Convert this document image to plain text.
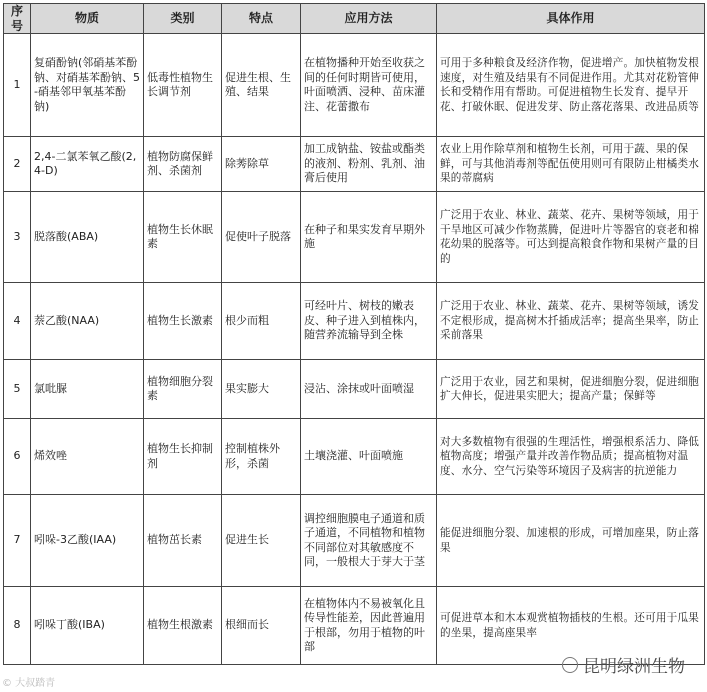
序号	物质	类别	特点	应用方法	具体作用
1	复硝酚钠(邻硝基苯酚钠、对硝基苯酚钠、5-硝基邻甲氧基苯酚钠)	低毒性植物生长调节剂	促进生根、生殖、结果	在植物播种开始至收获之间的任何时期皆可使用，叶面喷洒、浸种、苗床灌注、花蕾撒布	可用于多种粮食及经济作物，促进增产。加快植物发根速度，对生殖及结果有不同促进作用。尤其对花粉管伸长和受精作用有帮助。可促进植物生长发育、提早开花、打破休眠、促进发芽、防止落花落果、改进品质等
2	2,4-二氯苯氧乙酸(2,4-D)	植物防腐保鲜剂、杀菌剂	除莠除草	加工成钠盐、铵盐或酯类的液剂、粉剂、乳剂、油膏后使用	农业上用作除草剂和植物生长剂，可用于蔬、果的保鲜，可与其他消毒剂等配伍使用则可有限防止柑橘类水果的蒂腐病
3	脱落酸(ABA)	植物生长休眠素	促使叶子脱落	在种子和果实发育早期外施	广泛用于农业、林业、蔬菜、花卉、果树等领域，用于干旱地区可减少作物蒸腾，促进叶片等器官的衰老和棉花幼果的脱落等。可达到提高粮食作物和果树产量的目的
4	萘乙酸(NAA)	植物生长激素	根少而粗	可经叶片、树枝的嫩表皮、种子进入到植株内，随营养流输导到全株	广泛用于农业、林业、蔬菜、花卉、果树等领域，诱发不定根形成，提高树木扦插成活率；提高坐果率，防止采前落果
5	氯吡脲	植物细胞分裂素	果实膨大	浸沾、涂抹或叶面喷湿	广泛用于农业，园艺和果树，促进细胞分裂，促进细胞扩大伸长，促进果实肥大；提高产量；保鲜等
6	烯效唑	植物生长抑制剂	控制植株外形，杀菌	土壤浇灌、叶面喷施	对大多数植物有很强的生理活性，增强根系活力、降低植物高度；增强产量并改善作物品质；提高植物对温度、水分、空气污染等环境因子及病害的抗逆能力
7	吲哚-3乙酸(IAA)	植物茁长素	促进生长	调控细胞膜电子通道和质子通道，不同植物和植物不同部位对其敏感度不同，一般根大于芽大于茎	能促进细胞分裂、加速根的形成，可增加座果，防止落果
8	吲哚丁酸(IBA)	植物生根激素	根细而长	在植物体内不易被氧化且传导性能差，因此普遍用于根部，勿用于植物的叶部	可促进草本和木本观赏植物插枝的生根。还可用于瓜果的坐果，提高座果率
© 大叔踏青
昆明绿洲生物
